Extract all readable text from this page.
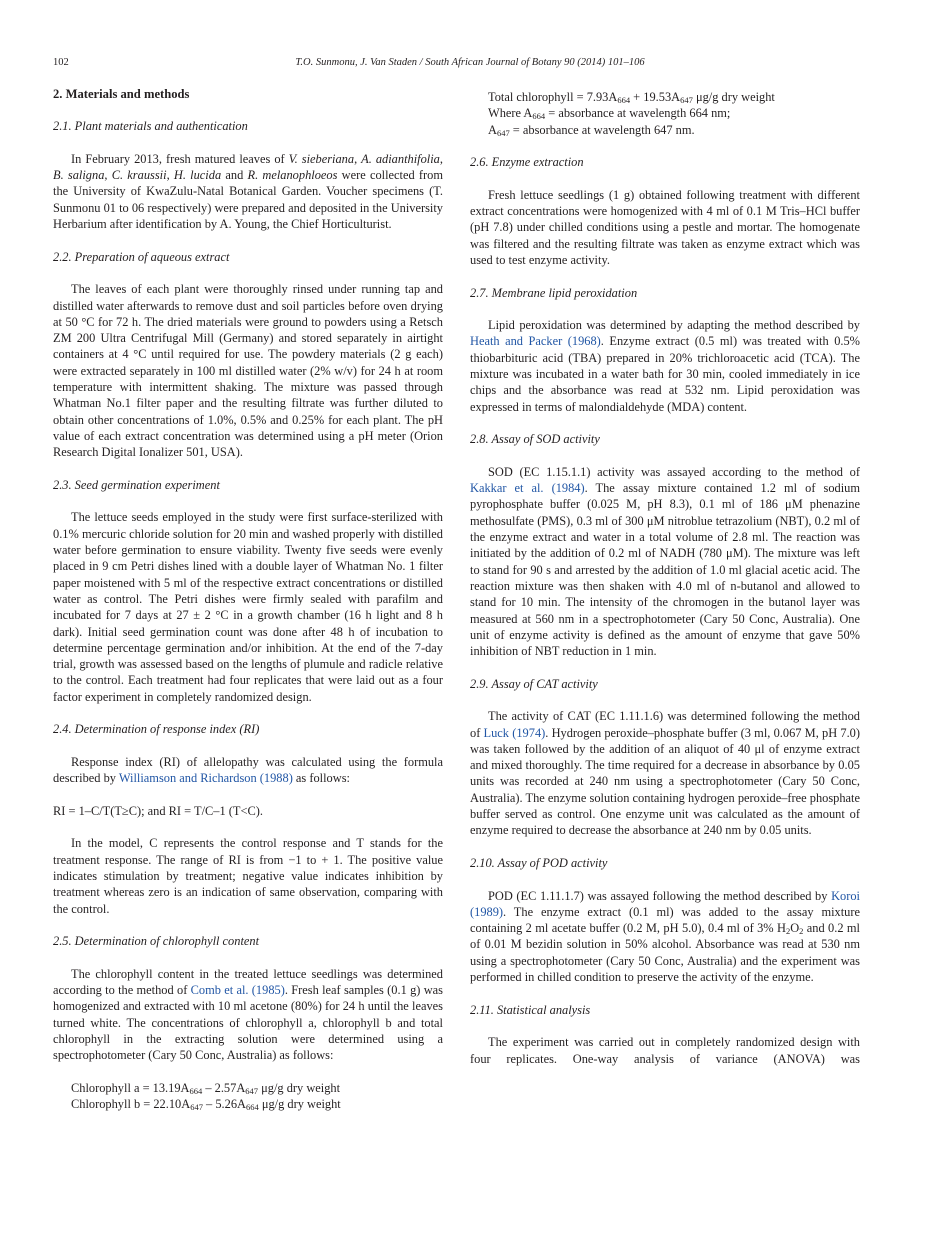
102	T.O. Sunmonu, J. Van Staden / South African Journal of Botany 90 (2014) 101–106
2. Materials and methods
2.1. Plant materials and authentication

In February 2013, fresh matured leaves of V. sieberiana, A. adianthifolia, B. saligna, C. kraussii, H. lucida and R. melanophloeos were collected from the University of KwaZulu-Natal Botanical Garden. Voucher specimens (T. Sunmonu 01 to 06 respectively) were prepared and deposited in the University Herbarium after identification by A. Young, the Chief Horticulturist.

2.2. Preparation of aqueous extract

The leaves of each plant were thoroughly rinsed under running tap and distilled water afterwards to remove dust and soil particles before oven drying at 50 °C for 72 h. The dried materials were ground to powders using a Retsch ZM 200 Ultra Centrifugal Mill (Germany) and stored separately in airtight containers at 4 °C until required for use. The powdery materials (2 g each) were extracted separately in 100 ml distilled water (2% w/v) for 24 h at room temperature with intermittent shaking. The mixture was passed through Whatman No.1 filter paper and the resulting filtrate was further diluted to obtain other concentrations of 1.0%, 0.5% and 0.25% for each plant. The pH value of each extract concentration was determined using a pH meter (Orion Research Digital Ionalizer 501, USA).

2.3. Seed germination experiment

The lettuce seeds employed in the study were first surface-sterilized with 0.1% mercuric chloride solution for 20 min and washed properly with distilled water before germination to ensure viability. Twenty five seeds were evenly placed in 9 cm Petri dishes lined with a double layer of Whatman No. 1 filter paper moistened with 5 ml of the respective extract concentrations or distilled water as control. The Petri dishes were firmly sealed with parafilm and incubated for 7 days at 27 ± 2 °C in a growth chamber (16 h light and 8 h dark). Initial seed germination count was done after 48 h of incubation to determine percentage germination and/or inhibition. At the end of the 7-day trial, growth was assessed based on the lengths of plumule and radicle relative to the control. Each treatment had four replicates that were laid out as a four factor experiment in completely randomized design.

2.4. Determination of response index (RI)

Response index (RI) of allelopathy was calculated using the formula described by Williamson and Richardson (1988) as follows:

RI = 1–C/T(T≥C); and RI = T/C–1 (T<C).

In the model, C represents the control response and T stands for the treatment response. The range of RI is from −1 to + 1. The positive value indicates stimulation by treatment; negative value indicates inhibition by treatment whereas zero is an indication of same observation, comparing with the control.

2.5. Determination of chlorophyll content

The chlorophyll content in the treated lettuce seedlings was determined according to the method of Comb et al. (1985). Fresh leaf samples (0.1 g) was homogenized and extracted with 10 ml acetone (80%) for 24 h until the leaves turned white. The concentrations of chlorophyll a, chlorophyll b and total chlorophyll in the extracting solution were determined using a spectrophotometer (Cary 50 Conc, Australia) as follows:

Chlorophyll $a = 13.19A_{664} - 2.57A_{647}$ μg/g dry weight

Chlorophyll $b = 22.10A_{647} - 5.26A_{664}$ μg/g dry weight

Total chlorophyll = $7.93A_{664} + 19.53A_{647}$ μg/g dry weight

Where $A_{664}$ = absorbance at wavelength 664 nm;

$A_{647}$ = absorbance at wavelength 647 nm.

2.6. Enzyme extraction

Fresh lettuce seedlings (1 g) obtained following treatment with different extract concentrations were homogenized with 4 ml of 0.1 M Tris–HCl buffer (pH 7.8) under chilled conditions using a pestle and mortar. The homogenate was filtered and the resulting filtrate was taken as enzyme extract which was used to test enzyme activity.

2.7. Membrane lipid peroxidation

Lipid peroxidation was determined by adapting the method described by Heath and Packer (1968). Enzyme extract (0.5 ml) was treated with 0.5% thiobarbituric acid (TBA) prepared in 20% trichloroacetic acid (TCA). The mixture was incubated in a water bath for 30 min, cooled immediately in ice chips and the absorbance was read at 532 nm. Lipid peroxidation was expressed in terms of malondialdehyde (MDA) content.

2.8. Assay of SOD activity

SOD (EC 1.15.1.1) activity was assayed according to the method of Kakkar et al. (1984). The assay mixture contained 1.2 ml of sodium pyrophosphate buffer (0.025 M, pH 8.3), 0.1 ml of 186 μM phenazine methosulfate (PMS), 0.3 ml of 300 μM nitroblue tetrazolium (NBT), 0.2 ml of the enzyme extract and water in a total volume of 2.8 ml. The reaction was initiated by the addition of 0.2 ml of NADH (780 μM). The mixture was left to stand for 90 s and arrested by the addition of 1.0 ml glacial acetic acid. The reaction mixture was then shaken with 4.0 ml of n-butanol and allowed to stand for 10 min. The intensity of the chromogen in the butanol layer was measured at 560 nm in a spectrophotometer (Cary 50 Conc, Australia). One unit of enzyme activity is defined as the amount of enzyme that gave 50% inhibition of NBT reduction in 1 min.

2.9. Assay of CAT activity

The activity of CAT (EC 1.11.1.6) was determined following the method of Luck (1974). Hydrogen peroxide–phosphate buffer (3 ml, 0.067 M, pH 7.0) was taken followed by the addition of an aliquot of 40 μl of enzyme extract and mixed thoroughly. The time required for a decrease in absorbance by 0.05 units was recorded at 240 nm using a spectrophotometer (Cary 50 Conc, Australia). The enzyme solution containing hydrogen peroxide–free phosphate buffer served as control. One enzyme unit was calculated as the amount of enzyme required to decrease the absorbance at 240 nm by 0.05 units.

2.10. Assay of POD activity

POD (EC 1.11.1.7) was assayed following the method described by Koroi (1989). The enzyme extract (0.1 ml) was added to the assay mixture containing 2 ml acetate buffer (0.2 M, pH 5.0), 0.4 ml of 3% $H_2O_2$ and 0.2 ml of 0.01 M bezidin solution in 50% alcohol. Absorbance was read at 530 nm using a spectrophotometer (Cary 50 Conc, Australia) and the experiment was performed in chilled condition to preserve the activity of the enzyme.

2.11. Statistical analysis

The experiment was carried out in completely randomized design with four replicates. One-way analysis of variance (ANOVA) was
